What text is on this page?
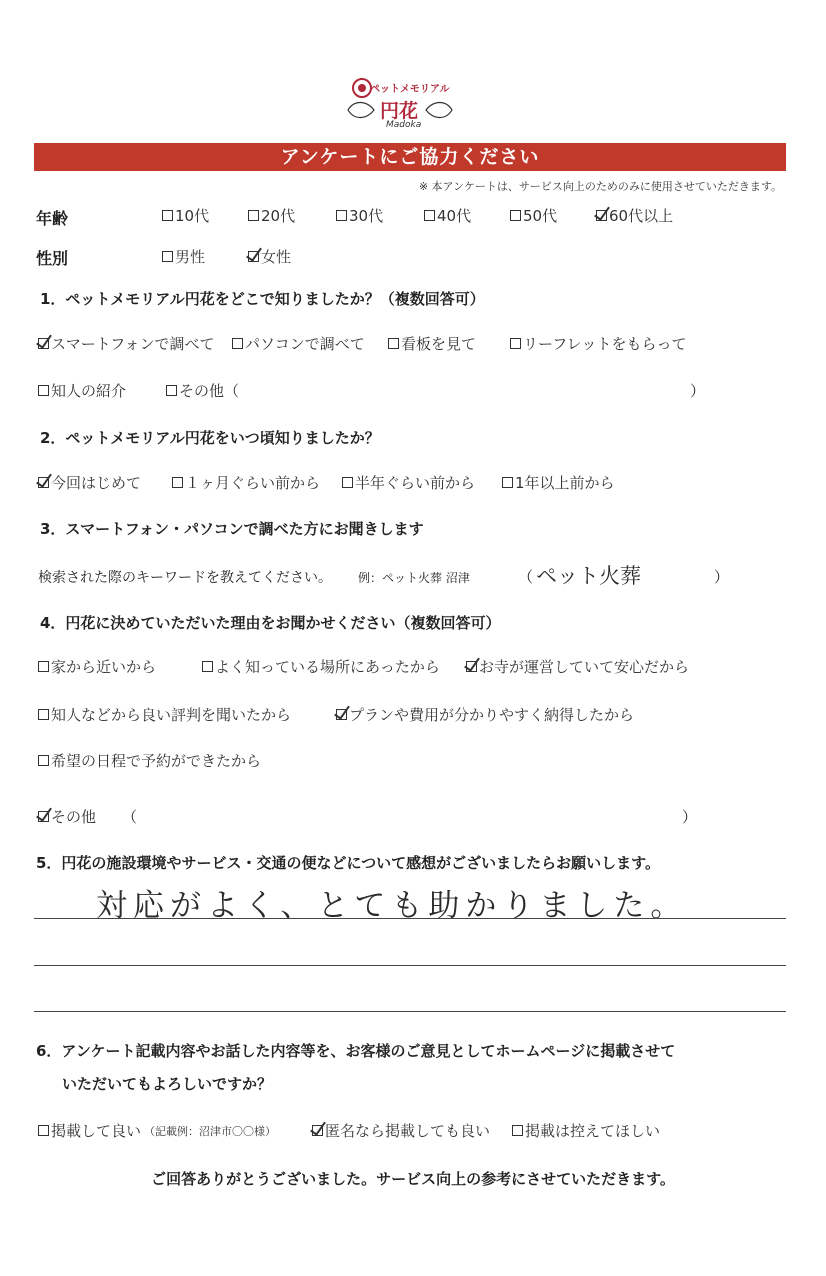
ペットメモリアル
円花
Madoka
アンケートにご協力ください
※ 本アンケートは、サービス向上のためのみに使用させていただきます。
年齢	10代	20代	30代	40代	50代	60代以上
性別	男性	女性
1．ペットメモリアル円花をどこで知りましたか？（複数回答可）
スマートフォンで調べて パソコンで調べて 看板を見て	リーフレットをもらって
知人の紹介	その他（	）
2．ペットメモリアル円花をいつ頃知りましたか？
今回はじめて	１ヶ月ぐらい前から 半年ぐらい前から	1年以上前から
3．スマートフォン・パソコンで調べた方にお聞きします
検索された際のキーワードを教えてください。 例：ペット火葬 沼津	（ ペット火葬	）
4．円花に決めていただいた理由をお聞かせください（複数回答可）
家から近いから	よく知っている場所にあったから	お寺が運営していて安心だから
知人などから良い評判を聞いたから	プランや費用が分かりやすく納得したから
希望の日程で予約ができたから
その他 （	）
5．円花の施設環境やサービス・交通の便などについて感想がございましたらお願いします。
対応がよく、とても助かりました。
6．アンケート記載内容やお話した内容等を、お客様のご意見としてホームページに掲載させて
いただいてもよろしいですか？
掲載して良い （記載例：沼津市〇〇様）	匿名なら掲載しても良い 掲載は控えてほしい
ご回答ありがとうございました。サービス向上の参考にさせていただきます。
